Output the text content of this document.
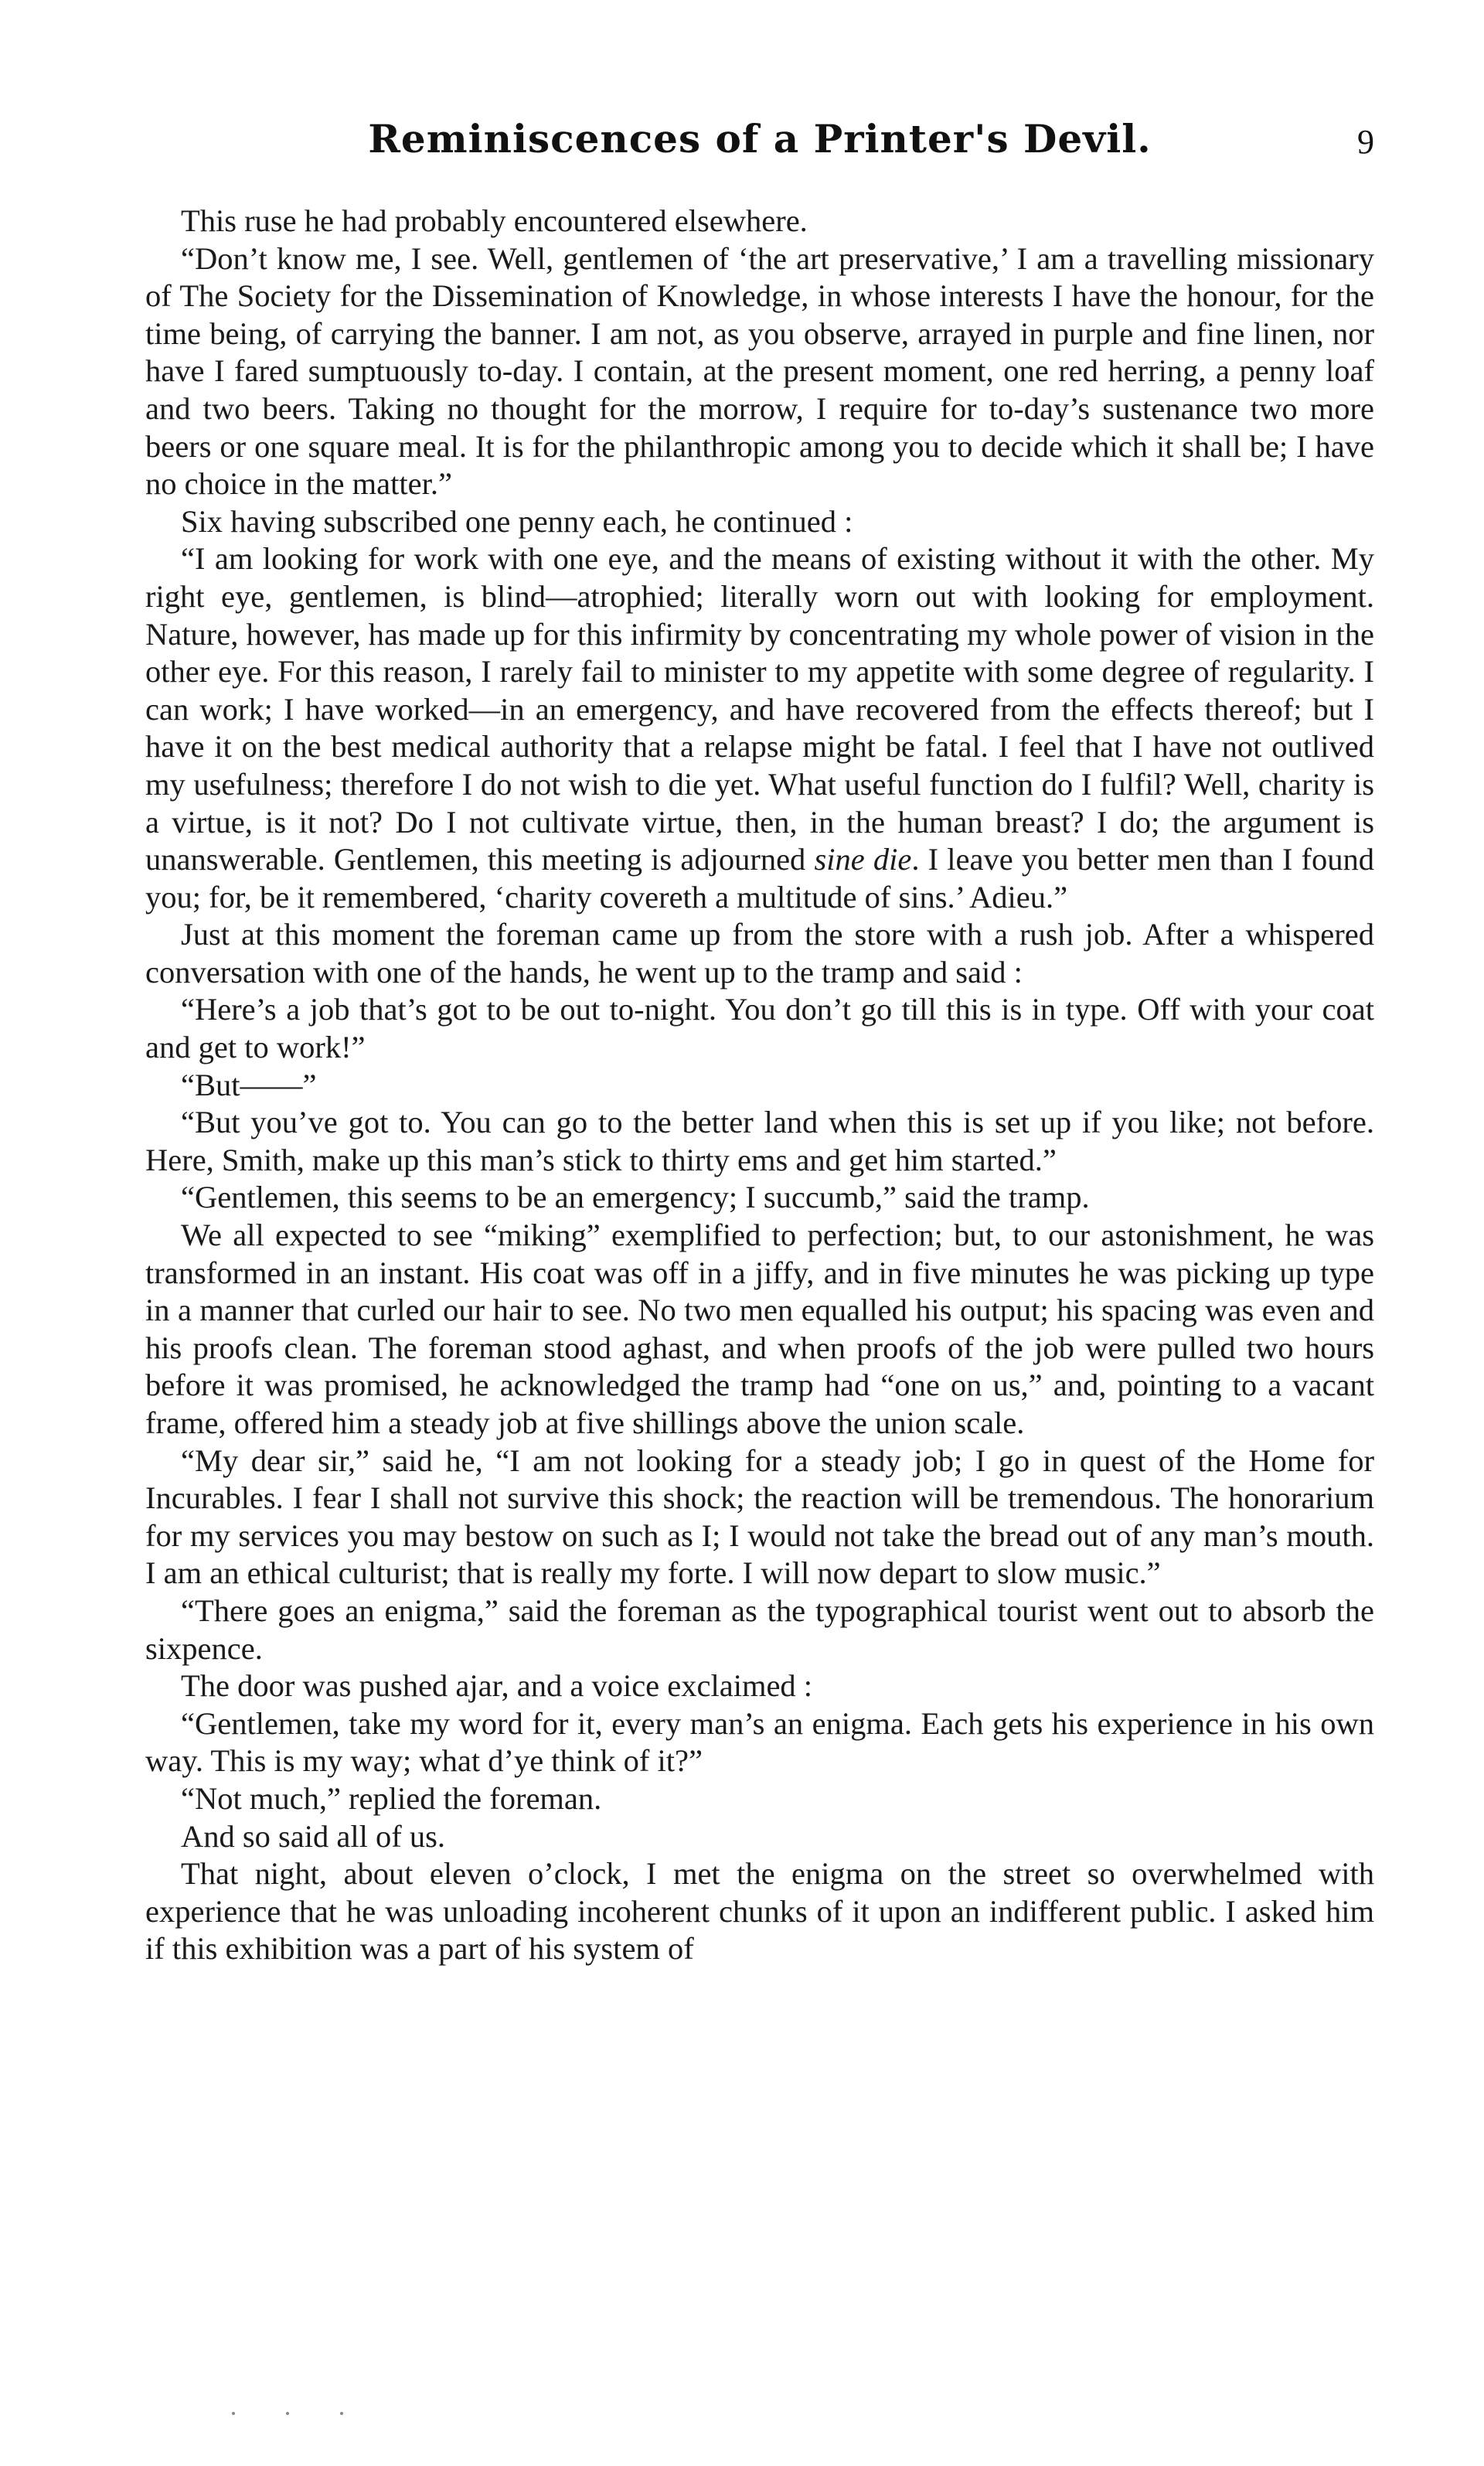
Reminiscences of a Printer's Devil.	9

This ruse he had probably encountered elsewhere.

“Don’t know me, I see. Well, gentlemen of ‘the art preservative,’ I am a travelling missionary of The Society for the Dissemination of Knowledge, in whose interests I have the honour, for the time being, of carrying the banner. I am not, as you observe, arrayed in purple and fine linen, nor have I fared sumptuously to-day. I contain, at the present moment, one red herring, a penny loaf and two beers. Taking no thought for the morrow, I require for to-day’s sustenance two more beers or one square meal. It is for the philanthropic among you to decide which it shall be; I have no choice in the matter.”

Six having subscribed one penny each, he continued :

“I am looking for work with one eye, and the means of existing without it with the other. My right eye, gentlemen, is blind—atrophied; literally worn out with looking for employment. Nature, however, has made up for this infirmity by concentrating my whole power of vision in the other eye. For this reason, I rarely fail to minister to my appetite with some degree of regularity. I can work; I have worked—in an emergency, and have recovered from the effects thereof; but I have it on the best medical authority that a relapse might be fatal. I feel that I have not outlived my usefulness; therefore I do not wish to die yet. What useful function do I fulfil? Well, charity is a virtue, is it not? Do I not cultivate virtue, then, in the human breast? I do; the argument is unanswerable. Gentlemen, this meeting is adjourned sine die. I leave you better men than I found you; for, be it remembered, ‘charity covereth a multitude of sins.’ Adieu.”

Just at this moment the foreman came up from the store with a rush job. After a whispered conversation with one of the hands, he went up to the tramp and said :

“Here’s a job that’s got to be out to-night. You don’t go till this is in type. Off with your coat and get to work!”

“But——”

“But you’ve got to. You can go to the better land when this is set up if you like; not before. Here, Smith, make up this man’s stick to thirty ems and get him started.”

“Gentlemen, this seems to be an emergency; I succumb,” said the tramp.

We all expected to see “miking” exemplified to perfection; but, to our astonishment, he was transformed in an instant. His coat was off in a jiffy, and in five minutes he was picking up type in a manner that curled our hair to see. No two men equalled his output; his spacing was even and his proofs clean. The foreman stood aghast, and when proofs of the job were pulled two hours before it was promised, he acknowledged the tramp had “one on us,” and, pointing to a vacant frame, offered him a steady job at five shillings above the union scale.

“My dear sir,” said he, “I am not looking for a steady job; I go in quest of the Home for Incurables. I fear I shall not survive this shock; the reaction will be tremendous. The honorarium for my services you may bestow on such as I; I would not take the bread out of any man’s mouth. I am an ethical culturist; that is really my forte. I will now depart to slow music.”

“There goes an enigma,” said the foreman as the typographical tourist went out to absorb the sixpence.

The door was pushed ajar, and a voice exclaimed :

“Gentlemen, take my word for it, every man’s an enigma. Each gets his experience in his own way. This is my way; what d’ye think of it?”

“Not much,” replied the foreman.

And so said all of us.

That night, about eleven o’clock, I met the enigma on the street so overwhelmed with experience that he was unloading incoherent chunks of it upon an indifferent public. I asked him if this exhibition was a part of his system of
